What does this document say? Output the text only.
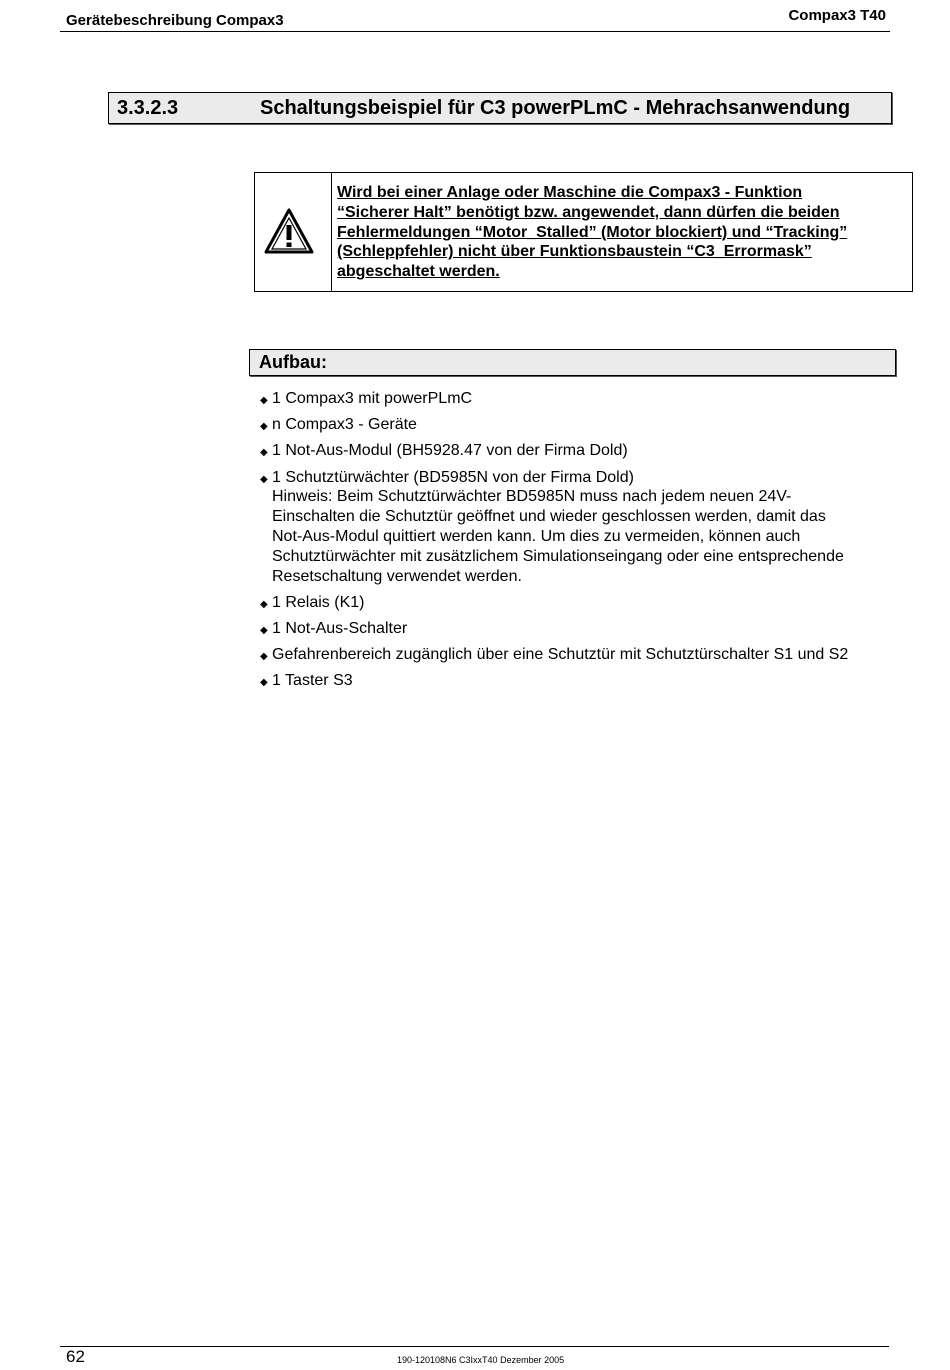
Gerätebeschreibung Compax3	Compax3 T40
3.3.2.3	Schaltungsbeispiel für C3 powerPLmC - Mehrachsanwendung
Wird bei einer Anlage oder Maschine die Compax3 - Funktion
“Sicherer Halt” benötigt bzw. angewendet, dann dürfen die beiden
Fehlermeldungen “Motor_Stalled” (Motor blockiert) und “Tracking”
(Schleppfehler) nicht über Funktionsbaustein “C3_Errormask”
abgeschaltet werden.
Aufbau:
◆ 1 Compax3 mit powerPLmC
◆ n Compax3 - Geräte
◆ 1 Not-Aus-Modul (BH5928.47 von der Firma Dold)
◆ 1 Schutztürwächter (BD5985N von der Firma Dold)
Hinweis: Beim Schutztürwächter BD5985N muss nach jedem neuen 24V-
Einschalten die Schutztür geöffnet und wieder geschlossen werden, damit das
Not-Aus-Modul quittiert werden kann. Um dies zu vermeiden, können auch
Schutztürwächter mit zusätzlichem Simulationseingang oder eine entsprechende
Resetschaltung verwendet werden.
◆ 1 Relais (K1)
◆ 1 Not-Aus-Schalter
◆ Gefahrenbereich zugänglich über eine Schutztür mit Schutztürschalter S1 und S2
◆ 1 Taster S3
62	190-120108N6 C3IxxT40 Dezember 2005
